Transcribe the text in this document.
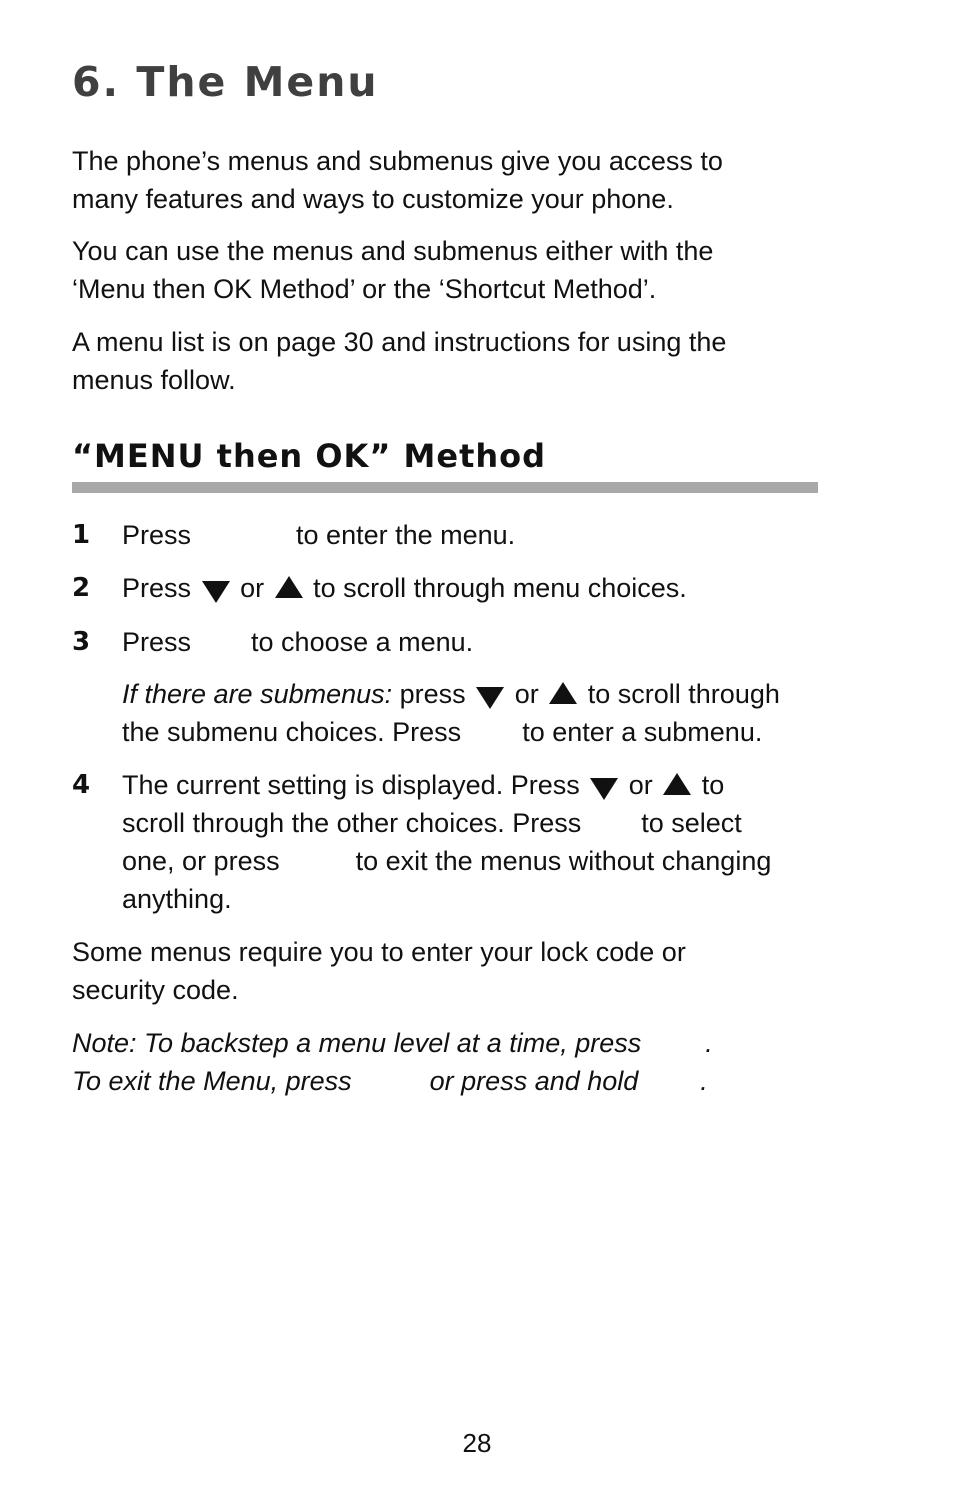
6. The Menu

The phone’s menus and submenus give you access to

many features and ways to customize your phone.

You can use the menus and submenus either with the

‘Menu then OK Method’ or the ‘Shortcut Method’.

A menu list is on page 30 and instructions for using the

menus follow.

“MENU then OK” Method
1 Press	to enter the menu.

2 Press or to scroll through menu choices.

3 Press to choose a menu.

If there are submenus: press or to scroll through

the submenu choices. Press to enter a submenu.

4 The current setting is displayed. Press or to

scroll through the other choices. Press to select

one, or press	to exit the menus without changing

anything.

Some menus require you to enter your lock code or

security code.

Note: To backstep a menu level at a time, press .

To exit the Menu, press	or press and hold .

28
